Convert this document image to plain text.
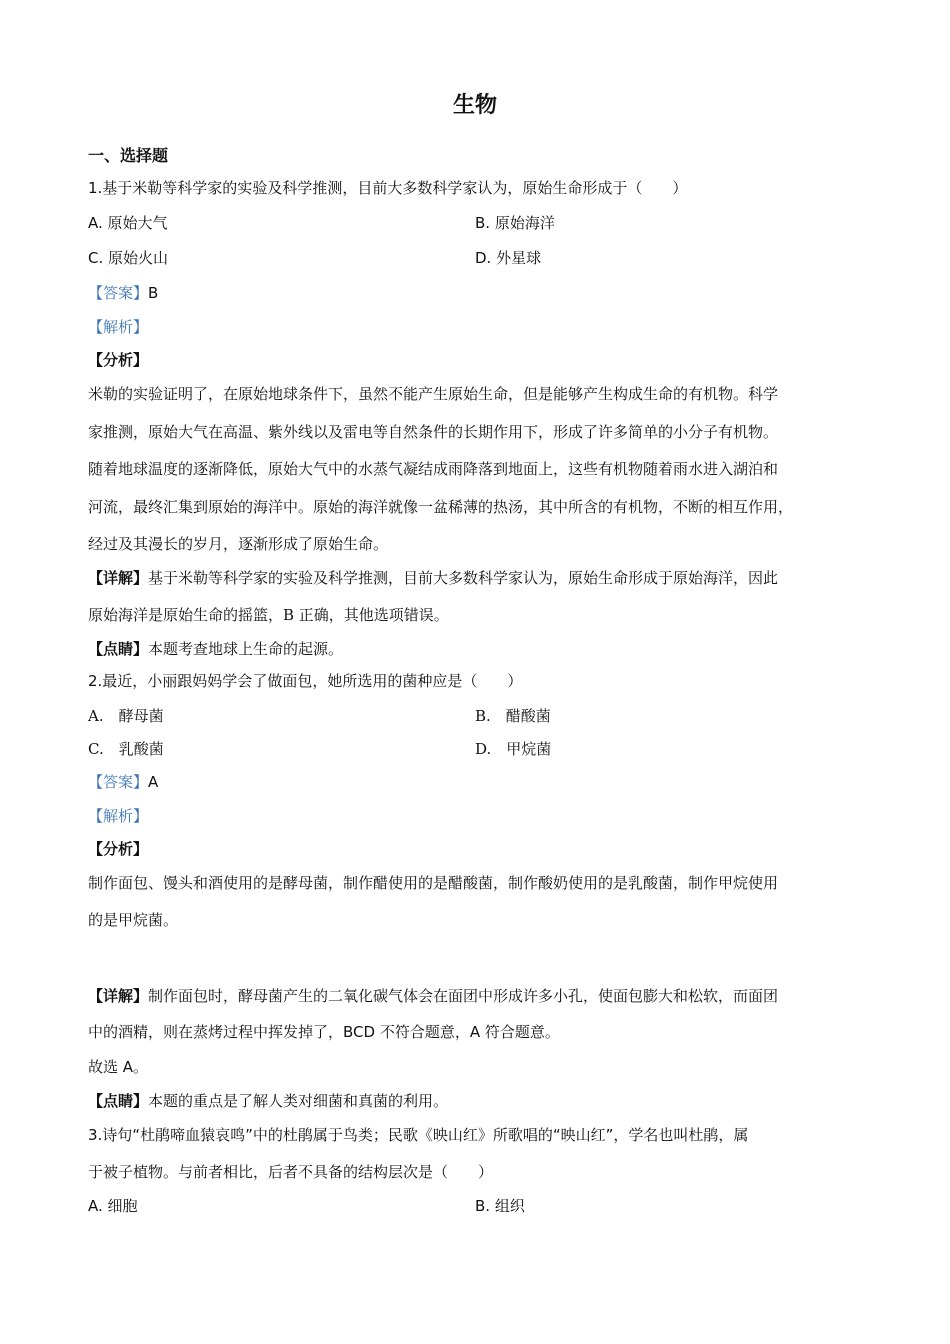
生物
一、选择题
1.基于米勒等科学家的实验及科学推测，目前大多数科学家认为，原始生命形成于（　　）
A. 原始大气	B. 原始海洋
C. 原始火山	D. 外星球
【答案】B
【解析】
【分析】
米勒的实验证明了，在原始地球条件下，虽然不能产生原始生命，但是能够产生构成生命的有机物。科学
家推测，原始大气在高温、紫外线以及雷电等自然条件的长期作用下，形成了许多简单的小分子有机物。
随着地球温度的逐渐降低，原始大气中的水蒸气凝结成雨降落到地面上，这些有机物随着雨水进入湖泊和
河流，最终汇集到原始的海洋中。原始的海洋就像一盆稀薄的热汤，其中所含的有机物，不断的相互作用，
经过及其漫长的岁月，逐渐形成了原始生命。
【详解】基于米勒等科学家的实验及科学推测，目前大多数科学家认为，原始生命形成于原始海洋，因此
原始海洋是原始生命的摇篮，B 正确，其他选项错误。
【点睛】本题考查地球上生命的起源。
2.最近，小丽跟妈妈学会了做面包，她所选用的菌种应是（　　）
A.　酵母菌	B.　醋酸菌
C.　乳酸菌	D.　甲烷菌
【答案】A
【解析】
【分析】
制作面包、馒头和酒使用的是酵母菌，制作醋使用的是醋酸菌，制作酸奶使用的是乳酸菌，制作甲烷使用
的是甲烷菌。
【详解】制作面包时，酵母菌产生的二氧化碳气体会在面团中形成许多小孔，使面包膨大和松软，而面团
中的酒精，则在蒸烤过程中挥发掉了，BCD 不符合题意，A 符合题意。
故选 A。
【点睛】本题的重点是了解人类对细菌和真菌的利用。
3.诗句“杜鹃啼血猿哀鸣”中的杜鹃属于鸟类；民歌《映山红》所歌唱的“映山红”，学名也叫杜鹃，属
于被子植物。与前者相比，后者不具备的结构层次是（　　）
A. 细胞	B. 组织
